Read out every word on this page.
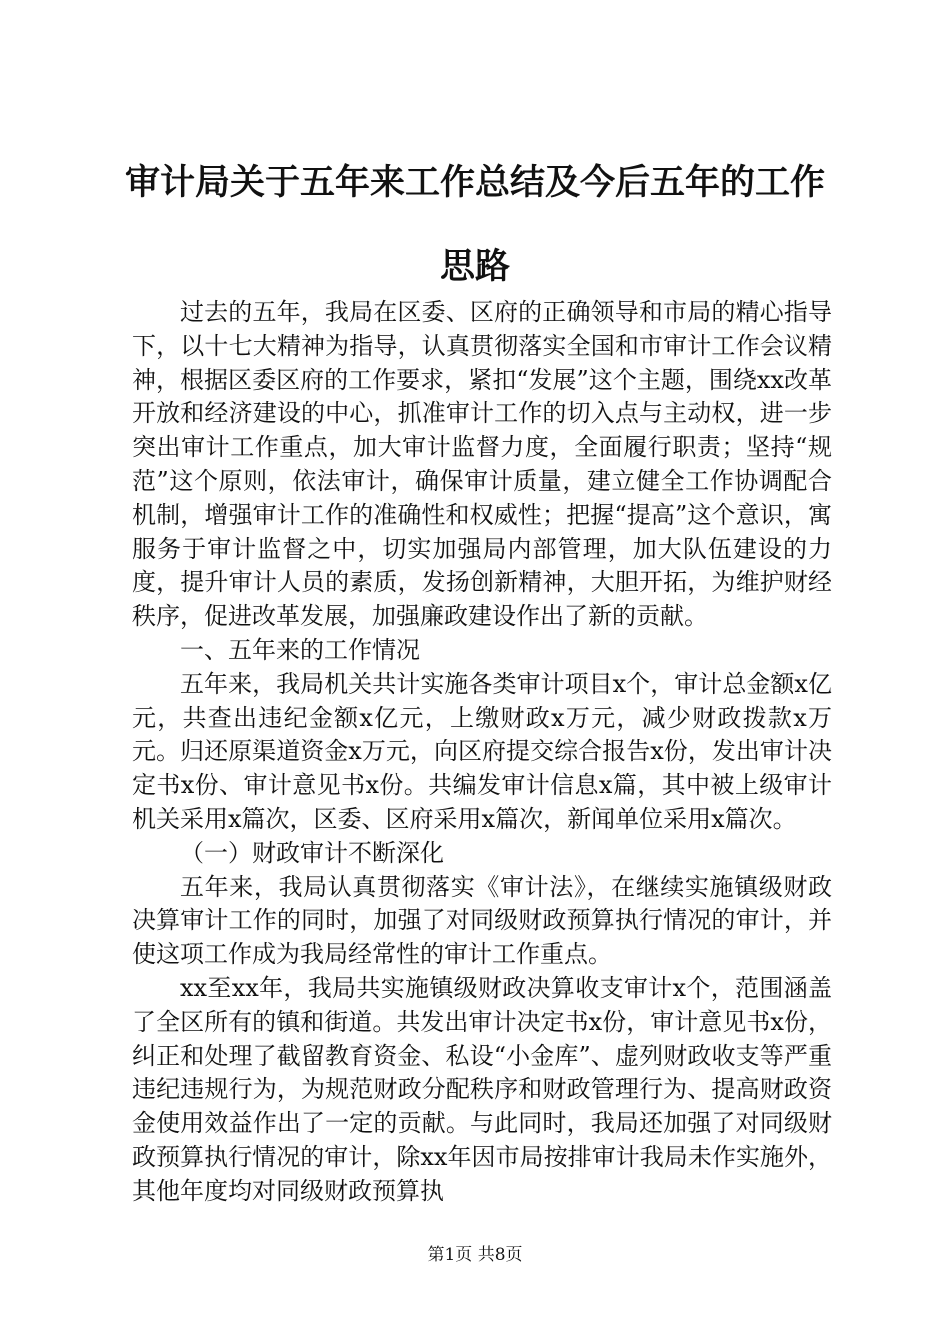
审计局关于五年来工作总结及今后五年的工作
思路

过去的五年，我局在区委、区府的正确领导和市局的精心指导下，以十七大精神为指导，认真贯彻落实全国和市审计工作会议精神，根据区委区府的工作要求，紧扣“发展”这个主题，围绕xx改革开放和经济建设的中心，抓准审计工作的切入点与主动权，进一步突出审计工作重点，加大审计监督力度，全面履行职责；坚持“规范”这个原则，依法审计，确保审计质量，建立健全工作协调配合机制，增强审计工作的准确性和权威性；把握“提高”这个意识，寓服务于审计监督之中，切实加强局内部管理，加大队伍建设的力度，提升审计人员的素质，发扬创新精神，大胆开拓，为维护财经秩序，促进改革发展，加强廉政建设作出了新的贡献。

一、五年来的工作情况

五年来，我局机关共计实施各类审计项目x个，审计总金额x亿元，共查出违纪金额x亿元，上缴财政x万元，减少财政拨款x万元。归还原渠道资金x万元，向区府提交综合报告x份，发出审计决定书x份、审计意见书x份。共编发审计信息x篇，其中被上级审计机关采用x篇次，区委、区府采用x篇次，新闻单位采用x篇次。

（一）财政审计不断深化

五年来，我局认真贯彻落实《审计法》，在继续实施镇级财政决算审计工作的同时，加强了对同级财政预算执行情况的审计，并使这项工作成为我局经常性的审计工作重点。

xx至xx年，我局共实施镇级财政决算收支审计x个，范围涵盖了全区所有的镇和街道。共发出审计决定书x份，审计意见书x份，纠正和处理了截留教育资金、私设“小金库”、虚列财政收支等严重违纪违规行为，为规范财政分配秩序和财政管理行为、提高财政资金使用效益作出了一定的贡献。与此同时，我局还加强了对同级财政预算执行情况的审计，除xx年因市局按排审计我局未作实施外，其他年度均对同级财政预算执

第1页 共8页
